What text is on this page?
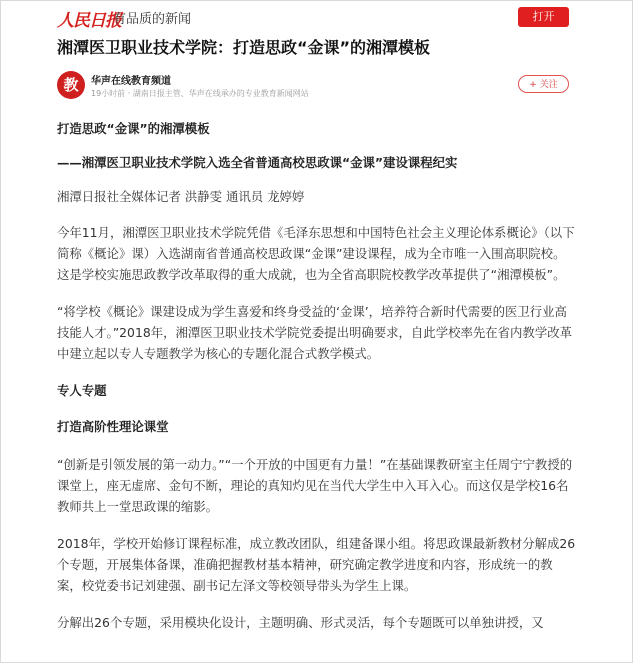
人民日报
有品质的新闻	打开
湘潭医卫职业技术学院：打造思政“金课”的湘潭模板
教	华声在线教育频道
19小时前 · 湖南日报主管、华声在线承办的专业教育新闻网站
+ 关注

打造思政“金课”的湘潭模板

——湘潭医卫职业技术学院入选全省普通高校思政课“金课”建设课程纪实

湘潭日报社全媒体记者 洪静雯 通讯员 龙婷婷

今年11月，湘潭医卫职业技术学院凭借《毛泽东思想和中国特色社会主义理论体系概论》（以下简称《概论》课）入选湖南省普通高校思政课“金课”建设课程，成为全市唯一入围高职院校。这是学校实施思政教学改革取得的重大成就，也为全省高职院校教学改革提供了“湘潭模板”。

“将学校《概论》课建设成为学生喜爱和终身受益的‘金课’，培养符合新时代需要的医卫行业高技能人才。”2018年，湘潭医卫职业技术学院党委提出明确要求，自此学校率先在省内教学改革中建立起以专人专题教学为核心的专题化混合式教学模式。

专人专题

打造高阶性理论课堂

“创新是引领发展的第一动力。”“一个开放的中国更有力量！”在基础课教研室主任周宁宁教授的课堂上，座无虚席、金句不断，理论的真知灼见在当代大学生中入耳入心。而这仅是学校16名教师共上一堂思政课的缩影。

2018年，学校开始修订课程标准，成立教改团队，组建备课小组。将思政课最新教材分解成26个专题，开展集体备课，准确把握教材基本精神，研究确定教学进度和内容，形成统一的教案，校党委书记刘建强、副书记左泽文等校领导带头为学生上课。

分解出26个专题，采用模块化设计，主题明确、形式灵活，每个专题既可以单独讲授，又
